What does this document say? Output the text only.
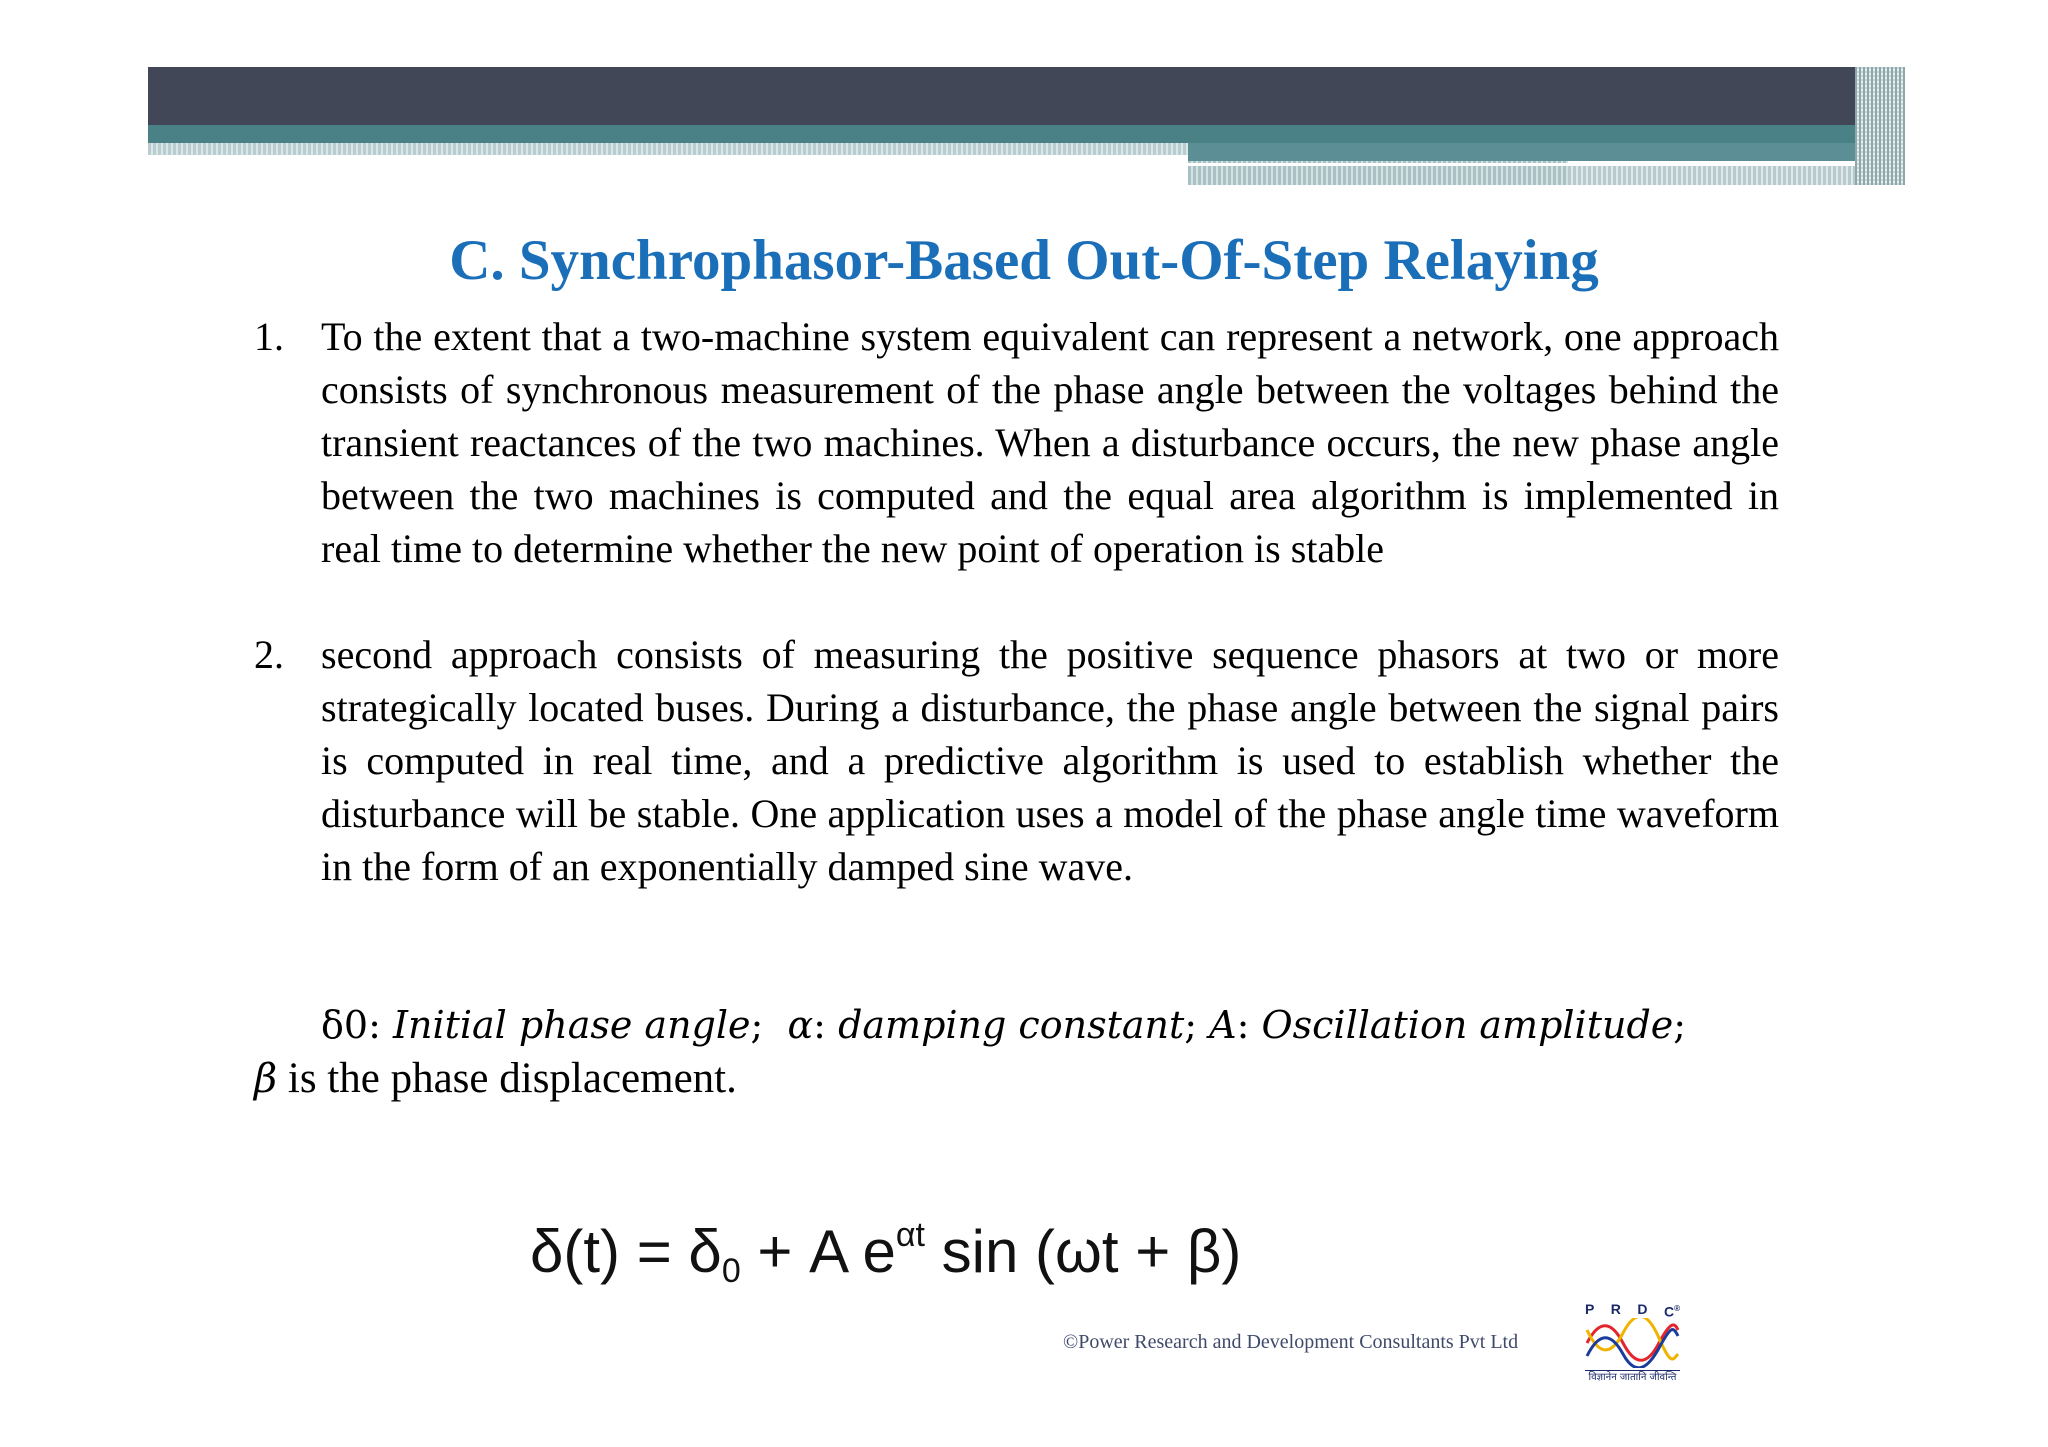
C. Synchrophasor-Based Out-Of-Step Relaying
1. To the extent that a two-machine system equivalent can represent a network, one approach consists of synchronous measurement of the phase angle between the voltages behind the transient reactances of the two machines. When a disturbance occurs, the new phase angle between the two machines is computed and the equal area algorithm is implemented in real time to determine whether the new point of operation is stable
2. second approach consists of measuring the positive sequence phasors at two or more strategically located buses. During a disturbance, the phase angle between the signal pairs is computed in real time, and a predictive algorithm is used to establish whether the disturbance will be stable. One application uses a model of the phase angle time waveform in the form of an exponentially damped sine wave.
δ0: Initial phase angle;  α: damping constant; A: Oscillation amplitude;
β is the phase displacement.
$\delta(t) = \delta_0 + A$ $e^{\alpha t}$ sin (ωt + β)
©Power Research and Development Consultants Pvt Ltd
P R D C®
विज्ञानेन जातानि जीवन्ति
